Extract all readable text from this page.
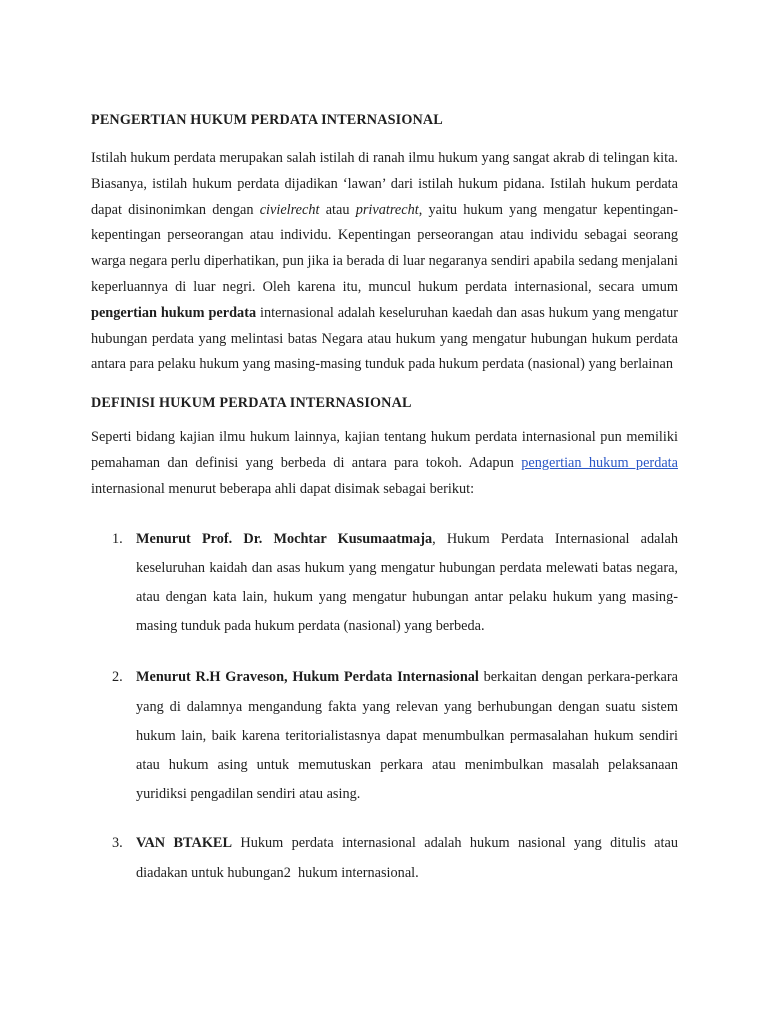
PENGERTIAN HUKUM PERDATA INTERNASIONAL

Istilah hukum perdata merupakan salah istilah di ranah ilmu hukum yang sangat akrab di telingan kita. Biasanya, istilah hukum perdata dijadikan ‘lawan’ dari istilah hukum pidana. Istilah hukum perdata dapat disinonimkan dengan civielrecht atau privatrecht, yaitu hukum yang mengatur kepentingan-kepentingan perseorangan atau individu. Kepentingan perseorangan atau individu sebagai seorang warga negara perlu diperhatikan, pun jika ia berada di luar negaranya sendiri apabila sedang menjalani keperluannya di luar negri. Oleh karena itu, muncul hukum perdata internasional, secara umum pengertian hukum perdata internasional adalah keseluruhan kaedah dan asas hukum yang mengatur hubungan perdata yang melintasi batas Negara atau hukum yang mengatur hubungan hukum perdata antara para pelaku hukum yang masing-masing tunduk pada hukum perdata (nasional) yang berlainan

DEFINISI HUKUM PERDATA INTERNASIONAL

Seperti bidang kajian ilmu hukum lainnya, kajian tentang hukum perdata internasional pun memiliki pemahaman dan definisi yang berbeda di antara para tokoh. Adapun pengertian hukum perdata internasional menurut beberapa ahli dapat disimak sebagai berikut:

1. Menurut Prof. Dr. Mochtar Kusumaatmaja, Hukum Perdata Internasional adalah keseluruhan kaidah dan asas hukum yang mengatur hubungan perdata melewati batas negara, atau dengan kata lain, hukum yang mengatur hubungan antar pelaku hukum yang masing-masing tunduk pada hukum perdata (nasional) yang berbeda.
2. Menurut R.H Graveson, Hukum Perdata Internasional berkaitan dengan perkara-perkara yang di dalamnya mengandung fakta yang relevan yang berhubungan dengan suatu sistem hukum lain, baik karena teritorialistasnya dapat menumbulkan permasalahan hukum sendiri atau hukum asing untuk memutuskan perkara atau menimbulkan masalah pelaksanaan yuridiksi pengadilan sendiri atau asing.
3. VAN BTAKEL Hukum perdata internasional adalah hukum nasional yang ditulis atau diadakan untuk hubungan2  hukum internasional.
